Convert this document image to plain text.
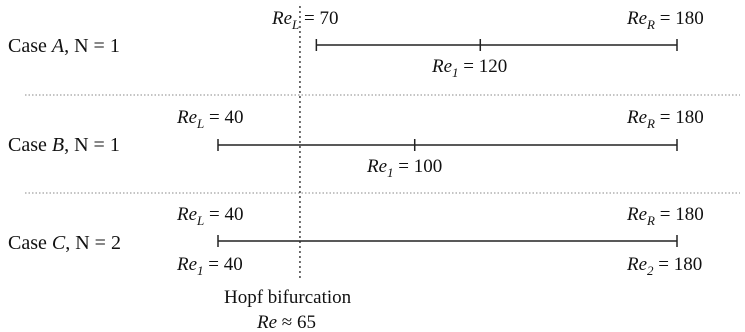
Case A, N = 1
$Re_L = 70$	$Re_R = 180$
$Re_1 = 120$
Case B, N = 1
$Re_L = 40$	$Re_R = 180$
$Re_1 = 100$
Case C, N = 2
$Re_L = 40$	$Re_R = 180$
$Re_1 = 40$	$Re_2 = 180$
Hopf bifurcation
Re ≈ 65
